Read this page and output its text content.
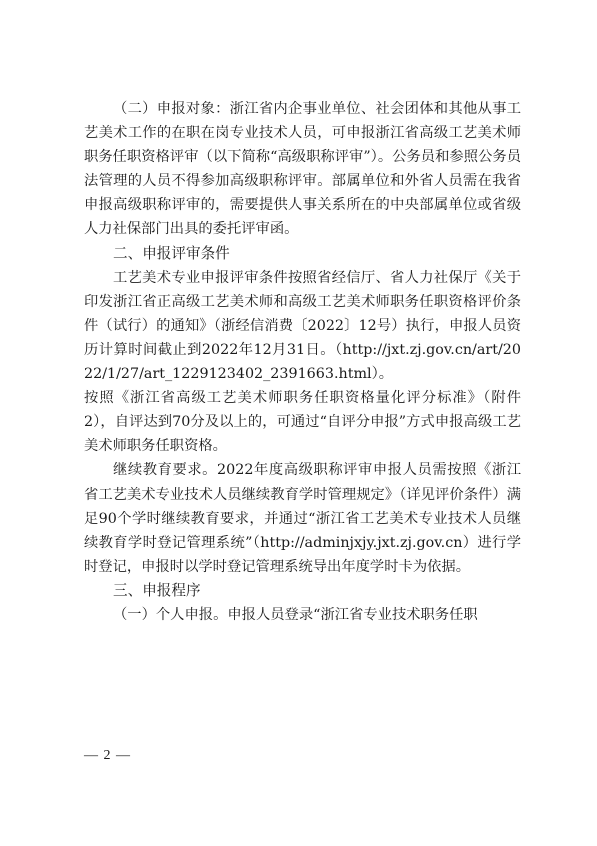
（二）申报对象：浙江省内企事业单位、社会团体和其他从事工艺美术工作的在职在岗专业技术人员，可申报浙江省高级工艺美术师职务任职资格评审（以下简称“高级职称评审”）。公务员和参照公务员法管理的人员不得参加高级职称评审。部属单位和外省人员需在我省申报高级职称评审的，需要提供人事关系所在的中央部属单位或省级人力社保部门出具的委托评审函。

二、申报评审条件

工艺美术专业申报评审条件按照省经信厅、省人力社保厅《关于印发浙江省正高级工艺美术师和高级工艺美术师职务任职资格评价条件（试行）的通知》（浙经信消费〔2022〕12号）执行，申报人员资历计算时间截止到2022年12月31日。（http://jxt.zj.gov.cn/art/2022/1/27/art_1229123402_2391663.html）。

按照《浙江省高级工艺美术师职务任职资格量化评分标准》（附件2），自评达到70分及以上的，可通过“自评分申报”方式申报高级工艺美术师职务任职资格。

继续教育要求。2022年度高级职称评审申报人员需按照《浙江省工艺美术专业技术人员继续教育学时管理规定》（详见评价条件）满足90个学时继续教育要求，并通过“浙江省工艺美术专业技术人员继续教育学时登记管理系统”（http://adminjxjy.jxt.zj.gov.cn）进行学时登记，申报时以学时登记管理系统导出年度学时卡为依据。

三、申报程序

（一）个人申报。申报人员登录“浙江省专业技术职务任职

— 2 —
